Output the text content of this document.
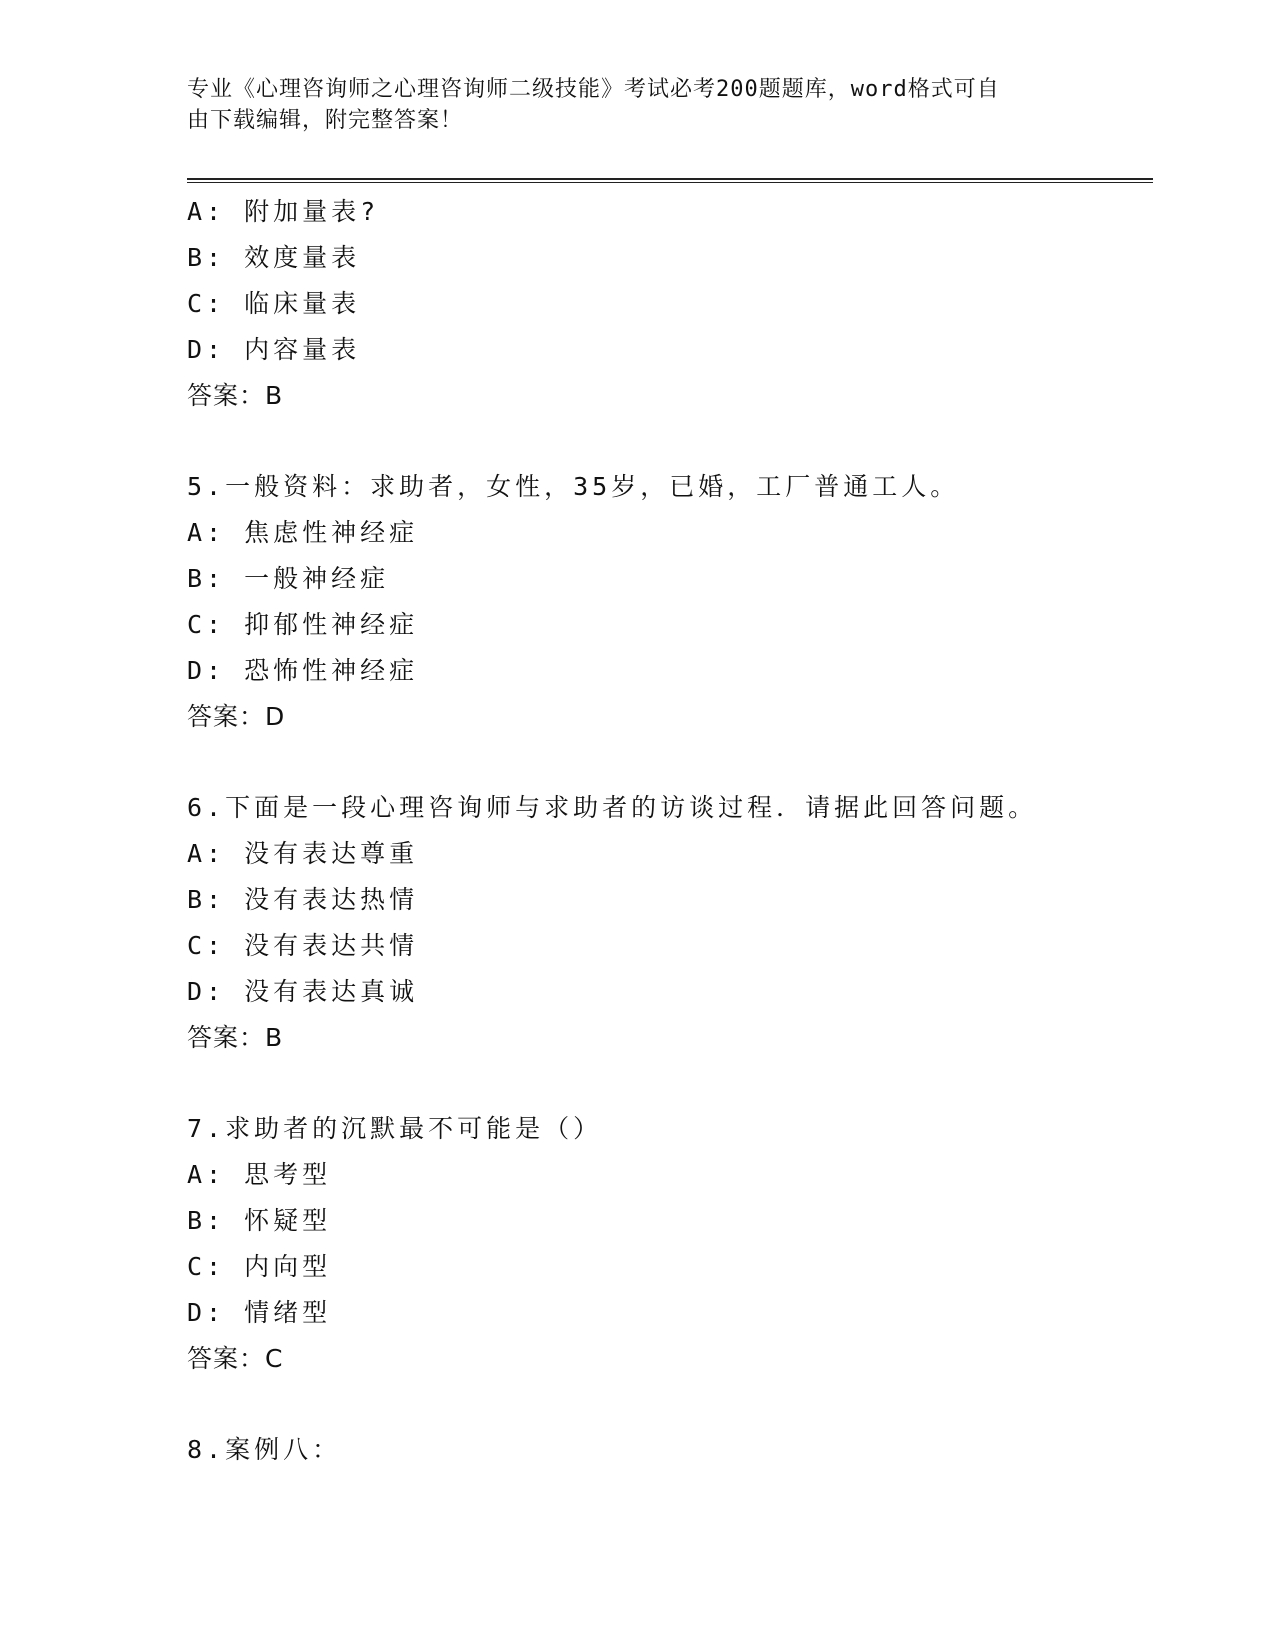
专业《心理咨询师之心理咨询师二级技能》考试必考200题题库，word格式可自
由下载编辑，附完整答案！
A: 附加量表?
B: 效度量表
C: 临床量表
D: 内容量表
答案：B
5.一般资料：求助者，女性，35岁，已婚，工厂普通工人。
A: 焦虑性神经症
B: 一般神经症
C: 抑郁性神经症
D: 恐怖性神经症
答案：D
6.下面是一段心理咨询师与求助者的访谈过程．请据此回答问题。
A: 没有表达尊重
B: 没有表达热情
C: 没有表达共情
D: 没有表达真诚
答案：B
7.求助者的沉默最不可能是（）
A: 思考型
B: 怀疑型
C: 内向型
D: 情绪型
答案：C
8.案例八：
